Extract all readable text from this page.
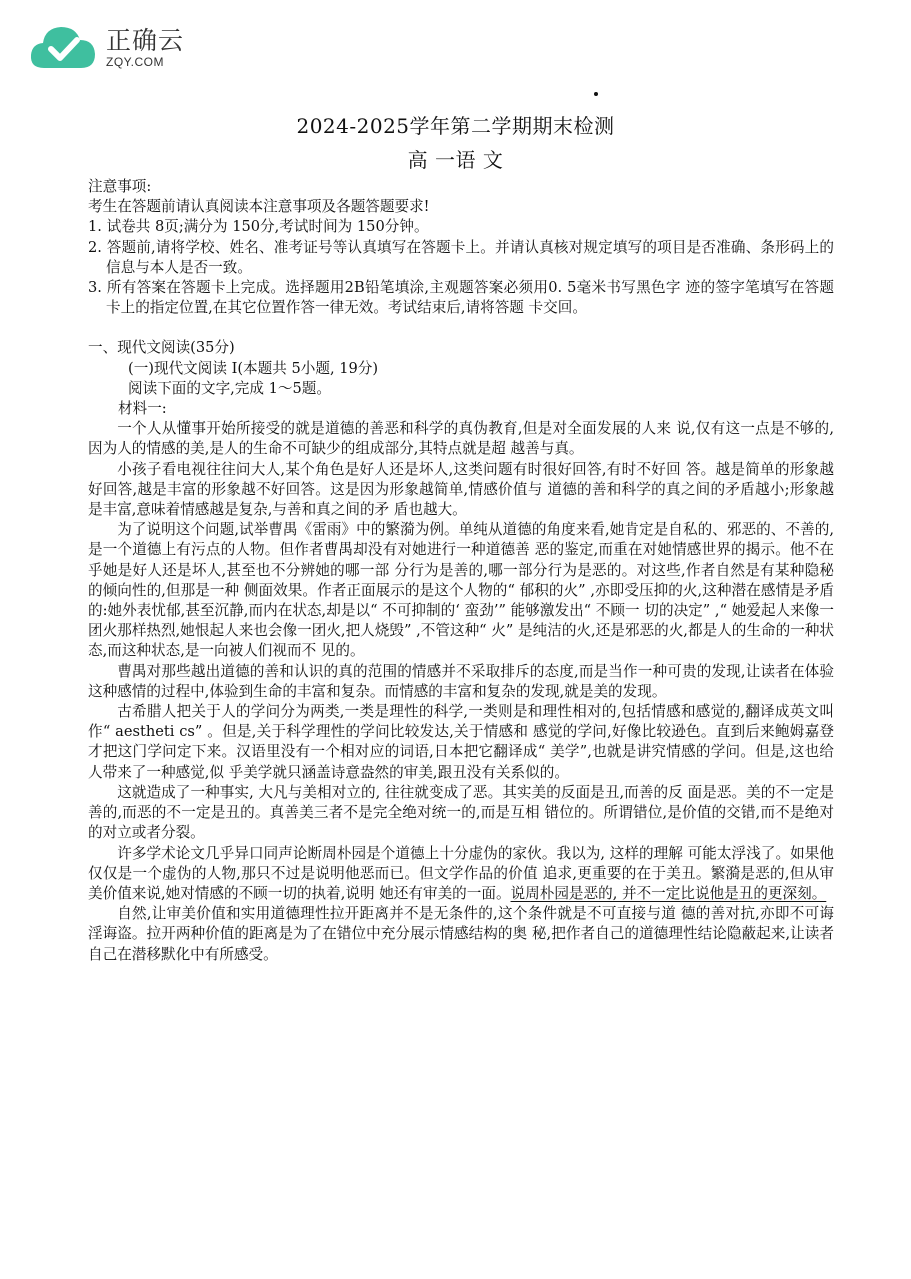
正确云
ZQY.COM
2024-2025学年第二学期期末检测
高 一语 文

注意事项:

考生在答题前请认真阅读本注意事项及各题答题要求!

1. 试卷共 8页;满分为 150分,考试时间为 150分钟。

2. 答题前,请将学校、姓名、准考证号等认真填写在答题卡上。并请认真核对规定填写的项目是否准确、条形码上的信息与本人是否一致。

3. 所有答案在答题卡上完成。选择题用2B铅笔填涂,主观题答案必须用0. 5毫米书写黑色字 迹的签字笔填写在答题卡上的指定位置,在其它位置作答一律无效。考试结束后,请将答题 卡交回。

一、现代文阅读(35分)

(一)现代文阅读 I(本题共 5小题, 19分)

阅读下面的文字,完成 1～5题。

材料一:

一个人从懂事开始所接受的就是道德的善恶和科学的真伪教育,但是对全面发展的人来 说,仅有这一点是不够的,因为人的情感的美,是人的生命不可缺少的组成部分,其特点就是超 越善与真。

小孩子看电视往往问大人,某个角色是好人还是坏人,这类问题有时很好回答,有时不好回 答。越是简单的形象越好回答,越是丰富的形象越不好回答。这是因为形象越简单,情感价值与 道德的善和科学的真之间的矛盾越小;形象越是丰富,意味着情感越是复杂,与善和真之间的矛 盾也越大。

为了说明这个问题,试举曹禺《雷雨》中的繁漪为例。单纯从道德的角度来看,她肯定是自私的、邪恶的、不善的, 是一个道德上有污点的人物。但作者曹禺却没有对她进行一种道德善 恶的鉴定,而重在对她情感世界的揭示。他不在乎她是好人还是坏人,甚至也不分辨她的哪一部 分行为是善的,哪一部分行为是恶的。对这些,作者自然是有某种隐秘的倾向性的,但那是一种 侧面效果。作者正面展示的是这个人物的“ 郁积的火” ,亦即受压抑的火,这种潜在感情是矛盾 的:她外表忧郁,甚至沉静,而内在状态,却是以“ 不可抑制的‘ 蛮劲’” 能够激发出“ 不顾一 切的决定” ,“ 她爱起人来像一团火那样热烈,她恨起人来也会像一团火,把人烧毁” ,不管这种“ 火” 是纯洁的火,还是邪恶的火,都是人的生命的一种状态,而这种状态,是一向被人们视而不 见的。

曹禺对那些越出道德的善和认识的真的范围的情感并不采取排斥的态度,而是当作一种可贵的发现,让读者在体验这种感情的过程中,体验到生命的丰富和复杂。而情感的丰富和复杂的发现,就是美的发现。

古希腊人把关于人的学问分为两类,一类是理性的科学,一类则是和理性相对的,包括情感和感觉的,翻译成英文叫作“ aestheti cs” 。但是,关于科学理性的学问比较发达,关于情感和 感觉的学问,好像比较逊色。直到后来鲍姆嘉登才把这门学问定下来。汉语里没有一个相对应的词语,日本把它翻译成“ 美学”,也就是讲究情感的学问。但是,这也给人带来了一种感觉,似 乎美学就只涵盖诗意盎然的审美,跟丑没有关系似的。

这就造成了一种事实, 大凡与美相对立的, 往往就变成了恶。其实美的反面是丑,而善的反 面是恶。美的不一定是善的,而恶的不一定是丑的。真善美三者不是完全绝对统一的,而是互相 错位的。所谓错位,是价值的交错,而不是绝对的对立或者分裂。

许多学术论文几乎异口同声论断周朴园是个道德上十分虚伪的家伙。我以为, 这样的理解 可能太浮浅了。如果他仅仅是一个虚伪的人物,那只不过是说明他恶而已。但文学作品的价值 追求,更重要的在于美丑。繁漪是恶的,但从审美价值来说,她对情感的不顾一切的执着,说明 她还有审美的一面。说周朴园是恶的, 并不一定比说他是丑的更深刻。

自然,让审美价值和实用道德理性拉开距离并不是无条件的,这个条件就是不可直接与道 德的善对抗,亦即不可诲淫诲盗。拉开两种价值的距离是为了在错位中充分展示情感结构的奥 秘,把作者自己的道德理性结论隐蔽起来,让读者自己在潜移默化中有所感受。
